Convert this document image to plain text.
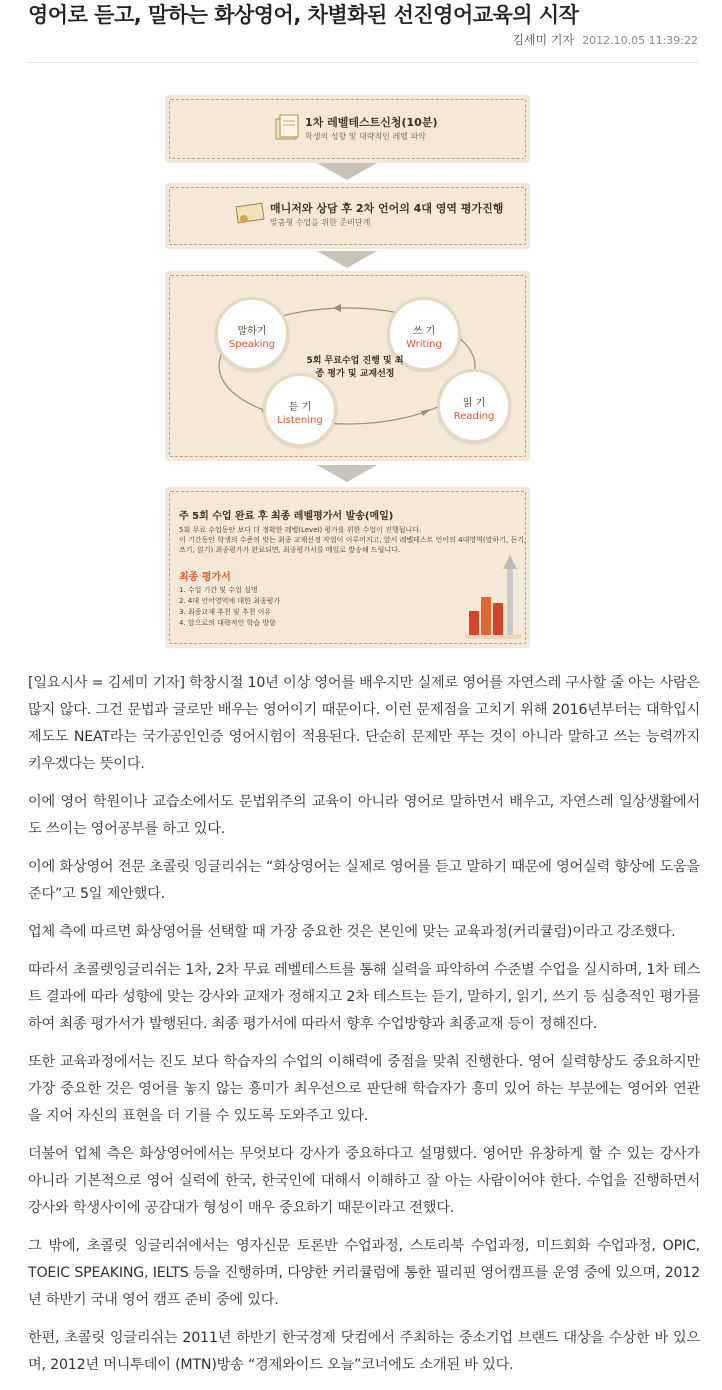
영어로 듣고, 말하는 화상영어, 차별화된 선진영어교육의 시작
김세미 기자 2012.10.05 11:39:22
1차 레벨테스트신청(10분)
학생의 성향 및 대략적인 레벨 파악
매니저와 상담 후 2차 언어의 4대 영역 평가진행
맞춤형 수업을 위한 준비단계
말하기
Speaking
쓰 기
Writing
듣 기
Listening
읽 기
Reading
5회 무료수업 진행 및 최종 평가 및 교재선정
주 5회 수업 완료 후 최종 레벨평가서 발송(메일)
5회 무료 수업동안 보다 더 정확한 레벨(Level) 평가를 위한 수업이 진행됩니다.
이 기간동안 학생의 수준의 맞는 최종 교재선정 작업이 이루어지고, 앞서 레벨테스트 언어의 4대영역(말하기, 듣기,
쓰기, 읽기) 최종평가가 완료되면, 최종평가서를 메일로 발송해 드립니다.
최종 평가서
1. 수업 기간 및 수업 설명
2. 4대 언어영역에 대한 최종평가
3. 최종교재 추천 및 추천 이유
4. 앞으로의 대략적인 학습 방향

[일요시사 = 김세미 기자] 학창시절 10년 이상 영어를 배우지만 실제로 영어를 자연스레 구사할 줄 아는 사람은 많지 않다. 그건 문법과 글로만 배우는 영어이기 때문이다. 이런 문제점을 고치기 위해 2016년부터는 대학입시제도도 NEAT라는 국가공인인증 영어시험이 적용된다. 단순히 문제만 푸는 것이 아니라 말하고 쓰는 능력까지 키우겠다는 뜻이다.

이에 영어 학원이나 교습소에서도 문법위주의 교육이 아니라 영어로 말하면서 배우고, 자연스레 일상생활에서도 쓰이는 영어공부를 하고 있다.

이에 화상영어 전문 초콜릿 잉글리쉬는 “화상영어는 실제로 영어를 듣고 말하기 때문에 영어실력 향상에 도움을 준다”고 5일 제안했다.

업체 측에 따르면 화상영어를 선택할 때 가장 중요한 것은 본인에 맞는 교육과정(커리큘럼)이라고 강조했다.

따라서 초콜렛잉글리쉬는 1차, 2차 무료 레벨테스트를 통해 실력을 파악하여 수준별 수업을 실시하며, 1차 테스트 결과에 따라 성향에 맞는 강사와 교재가 정해지고 2차 테스트는 듣기, 말하기, 읽기, 쓰기 등 심층적인 평가를 하여 최종 평가서가 발행된다. 최종 평가서에 따라서 향후 수업방향과 최종교재 등이 정해진다.

또한 교육과정에서는 진도 보다 학습자의 수업의 이해력에 중점을 맞춰 진행한다. 영어 실력향상도 중요하지만 가장 중요한 것은 영어를 놓지 않는 흥미가 최우선으로 판단해 학습자가 흥미 있어 하는 부분에는 영어와 연관을 지어 자신의 표현을 더 기를 수 있도록 도와주고 있다.

더불어 업체 측은 화상영어에서는 무엇보다 강사가 중요하다고 설명했다. 영어만 유창하게 할 수 있는 강사가 아니라 기본적으로 영어 실력에 한국, 한국인에 대해서 이해하고 잘 아는 사람이어야 한다. 수업을 진행하면서 강사와 학생사이에 공감대가 형성이 매우 중요하기 때문이라고 전했다.

그 밖에, 초콜릿 잉글리쉬에서는 영자신문 토론반 수업과정, 스토리북 수업과정, 미드회화 수업과정, OPIC, TOEIC SPEAKING, IELTS 등을 진행하며, 다양한 커리큘럼에 통한 필리핀 영어캠프를 운영 중에 있으며, 2012년 하반기 국내 영어 캠프 준비 중에 있다.

한편, 초콜릿 잉글리쉬는 2011년 하반기 한국경제 닷컴에서 주최하는 중소기업 브랜드 대상을 수상한 바 있으며, 2012년 머니투데이 (MTN)방송 “경제와이드 오늘”코너에도 소개된 바 있다.
